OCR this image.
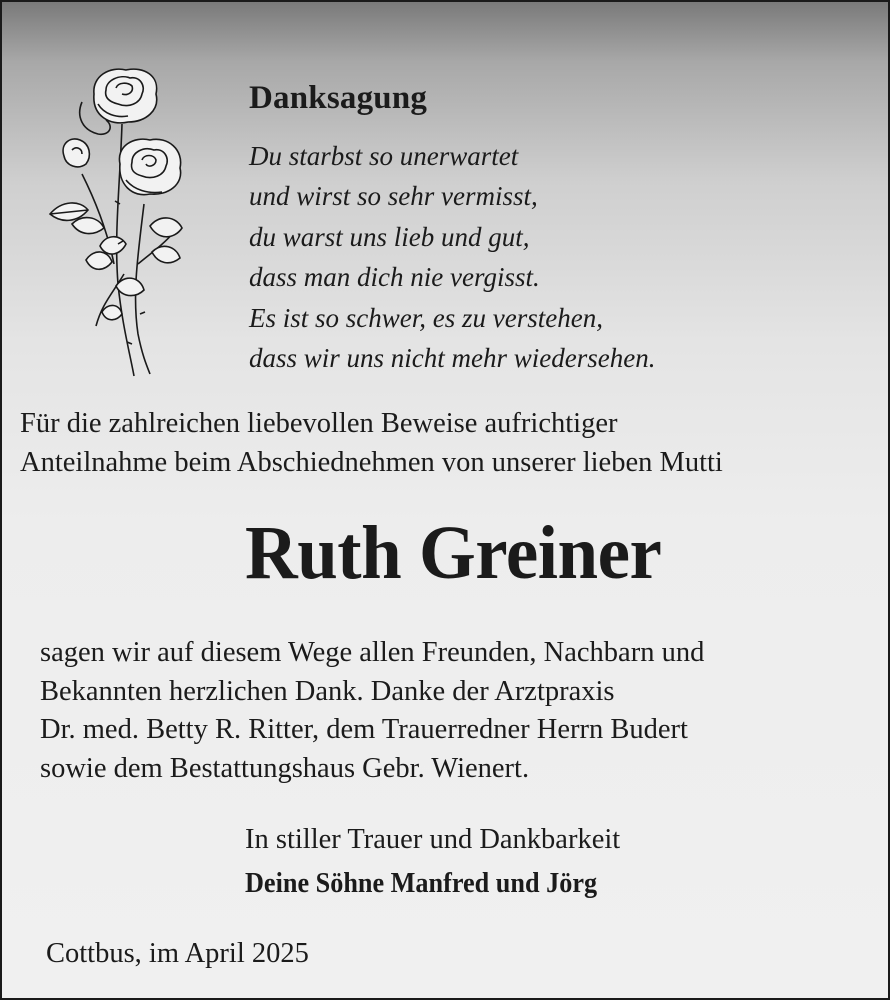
Danksagung
Du starbst so unerwartet
und wirst so sehr vermisst,
du warst uns lieb und gut,
dass man dich nie vergisst.
Es ist so schwer, es zu verstehen,
dass wir uns nicht mehr wiedersehen.
Für die zahlreichen liebevollen Beweise aufrichtiger
Anteilnahme beim Abschiednehmen von unserer lieben Mutti
Ruth Greiner
sagen wir auf diesem Wege allen Freunden, Nachbarn und
Bekannten herzlichen Dank. Danke der Arztpraxis
Dr. med. Betty R. Ritter, dem Trauerredner Herrn Budert
sowie dem Bestattungshaus Gebr. Wienert.
In stiller Trauer und Dankbarkeit
Deine Söhne Manfred und Jörg
Cottbus, im April 2025
